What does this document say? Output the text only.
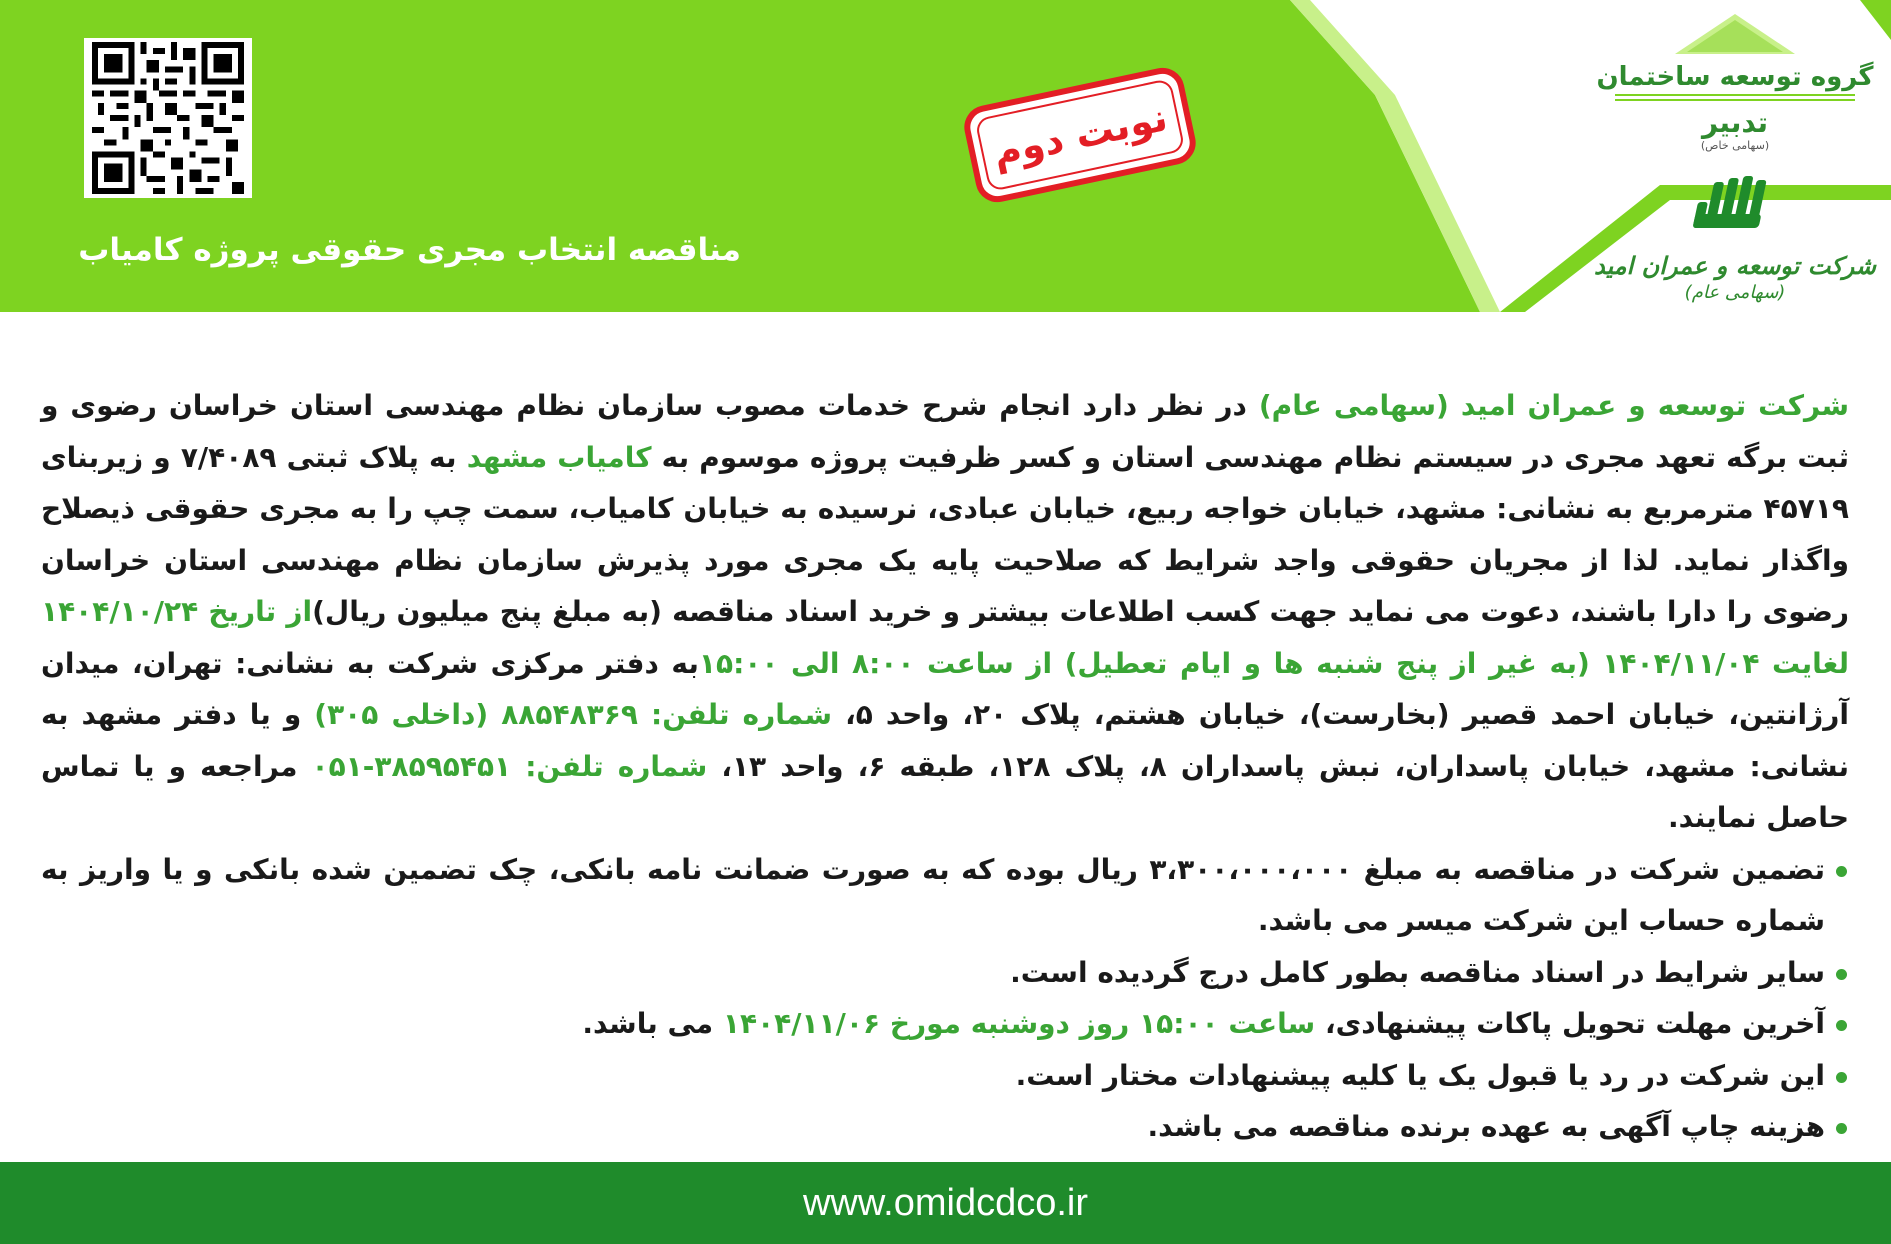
نوبت دوم
مناقصه انتخاب مجری حقوقی پروژه کامیاب
گروه توسعه ساختمان
تدبیر
(سهامی خاص)
شرکت توسعه و عمران امید
(سهامی عام)

شرکت توسعه و عمران امید (سهامی عام) در نظر دارد انجام شرح خدمات مصوب سازمان نظام مهندسی استان خراسان رضوی و ثبت برگه تعهد مجری در سیستم نظام مهندسی استان و کسر ظرفیت پروژه موسوم به کامیاب مشهد به پلاک ثبتی ۷/۴۰۸۹ و زیربنای ۴۵۷۱۹ مترمربع به نشانی: مشهد، خیابان خواجه ربیع، خیابان عبادی، نرسیده به خیابان کامیاب، سمت چپ را به مجری حقوقی ذیصلاح واگذار نماید. لذا از مجریان حقوقی واجد شرایط که صلاحیت پایه یک مجری مورد پذیرش سازمان نظام مهندسی استان خراسان رضوی را دارا باشند، دعوت می نماید جهت کسب اطلاعات بیشتر و خرید اسناد مناقصه (به مبلغ پنج میلیون ریال)از تاریخ ۱۴۰۴/۱۰/۲۴ لغایت ۱۴۰۴/۱۱/۰۴ (به غیر از پنج شنبه ها و ایام تعطیل) از ساعت ۸:۰۰ الی ۱۵:۰۰به دفتر مرکزی شرکت به نشانی: تهران، میدان آرژانتین، خیابان احمد قصیر (بخارست)، خیابان هشتم، پلاک ۲۰، واحد ۵، شماره تلفن: ۸۸۵۴۸۳۶۹ (داخلی ۳۰۵) و یا دفتر مشهد به نشانی: مشهد، خیابان پاسداران، نبش پاسداران ۸، پلاک ۱۲۸، طبقه ۶، واحد ۱۳، شماره تلفن: ۳۸۵۹۵۴۵۱-۰۵۱ مراجعه و یا تماس حاصل نمایند.

تضمین شرکت در مناقصه به مبلغ ۳،۳۰۰،۰۰۰،۰۰۰ ریال بوده که به صورت ضمانت نامه بانکی، چک تضمین شده بانکی و یا واریز به شماره حساب این شرکت میسر می باشد.
سایر شرایط در اسناد مناقصه بطور کامل درج گردیده است.
آخرین مهلت تحویل پاکات پیشنهادی، ساعت ۱۵:۰۰ روز دوشنبه مورخ ۱۴۰۴/۱۱/۰۶ می باشد.
این شرکت در رد یا قبول یک یا کلیه پیشنهادات مختار است.
هزینه چاپ آگهی به عهده برنده مناقصه می باشد.
www.omidcdco.ir
